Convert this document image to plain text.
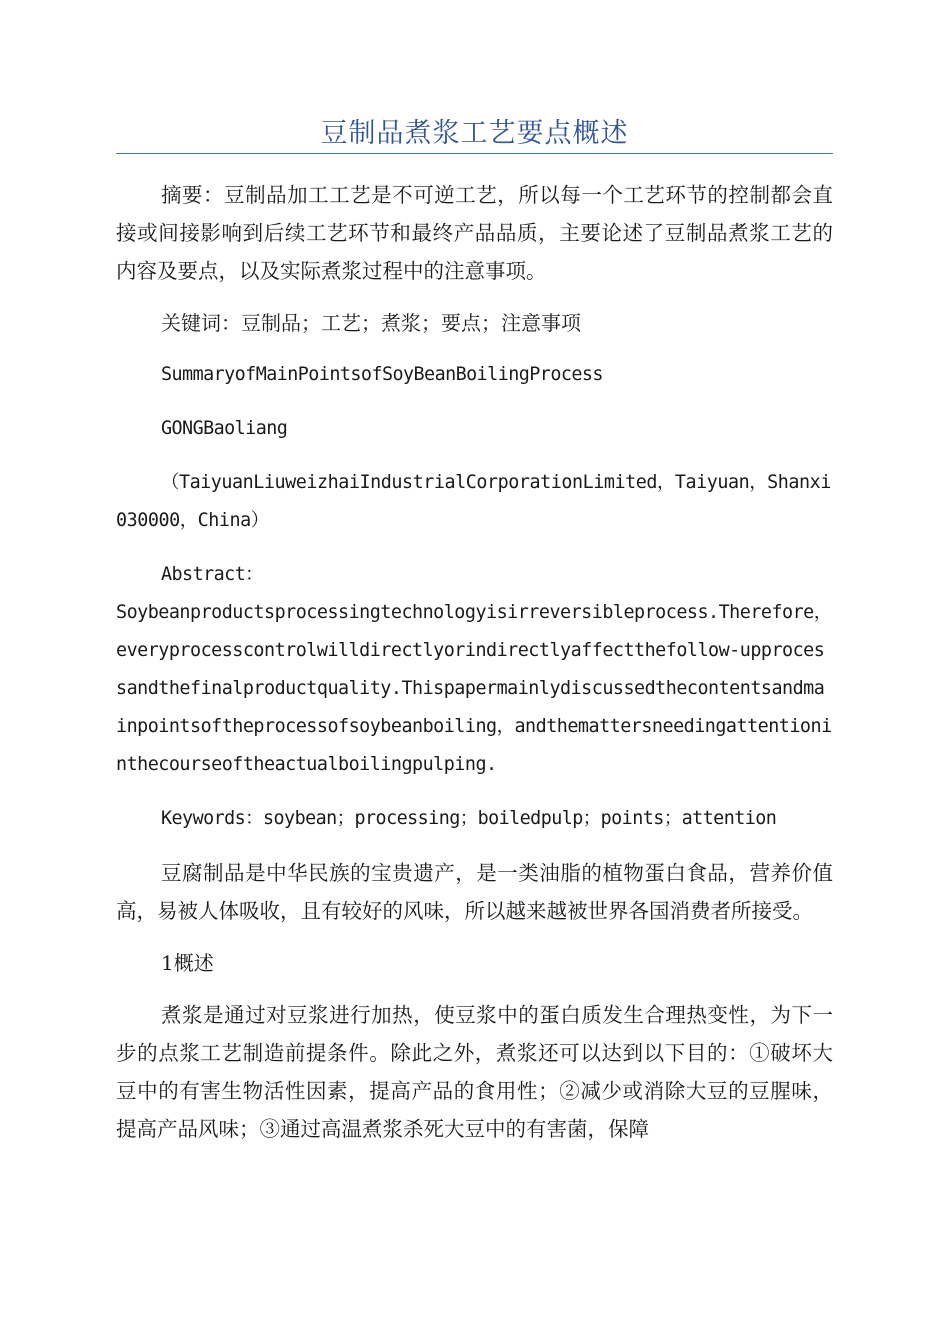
豆制品煮浆工艺要点概述

摘要：豆制品加工工艺是不可逆工艺，所以每一个工艺环节的控制都会直接或间接影响到后续工艺环节和最终产品品质，主要论述了豆制品煮浆工艺的内容及要点，以及实际煮浆过程中的注意事项。

关键词：豆制品；工艺；煮浆；要点；注意事项

SummaryofMainPointsofSoyBeanBoilingProcess

GONGBaoliang

（TaiyuanLiuweizhaiIndustrialCorporationLimited，Taiyuan，Shanxi030000，China）

Abstract：

Soybeanproductsprocessingtechnologyisirreversibleprocess.Therefore，everyprocesscontrolwilldirectlyorindirectlyaffectthefollow-upprocessandthefinalproductquality.Thispapermainlydiscussedthecontentsandmainpointsoftheprocessofsoybeanboiling，andthemattersneedingattentioninthecourseoftheactualboilingpulping.

Keywords：soybean；processing；boiledpulp；points；attention

豆腐制品是中华民族的宝贵遗产，是一类油脂的植物蛋白食品，营养价值高，易被人体吸收，且有较好的风味，所以越来越被世界各国消费者所接受。

1概述

煮浆是通过对豆浆进行加热，使豆浆中的蛋白质发生合理热变性，为下一步的点浆工艺制造前提条件。除此之外，煮浆还可以达到以下目的：①破坏大豆中的有害生物活性因素，提高产品的食用性；②减少或消除大豆的豆腥味，提高产品风味；③通过高温煮浆杀死大豆中的有害菌，保障
